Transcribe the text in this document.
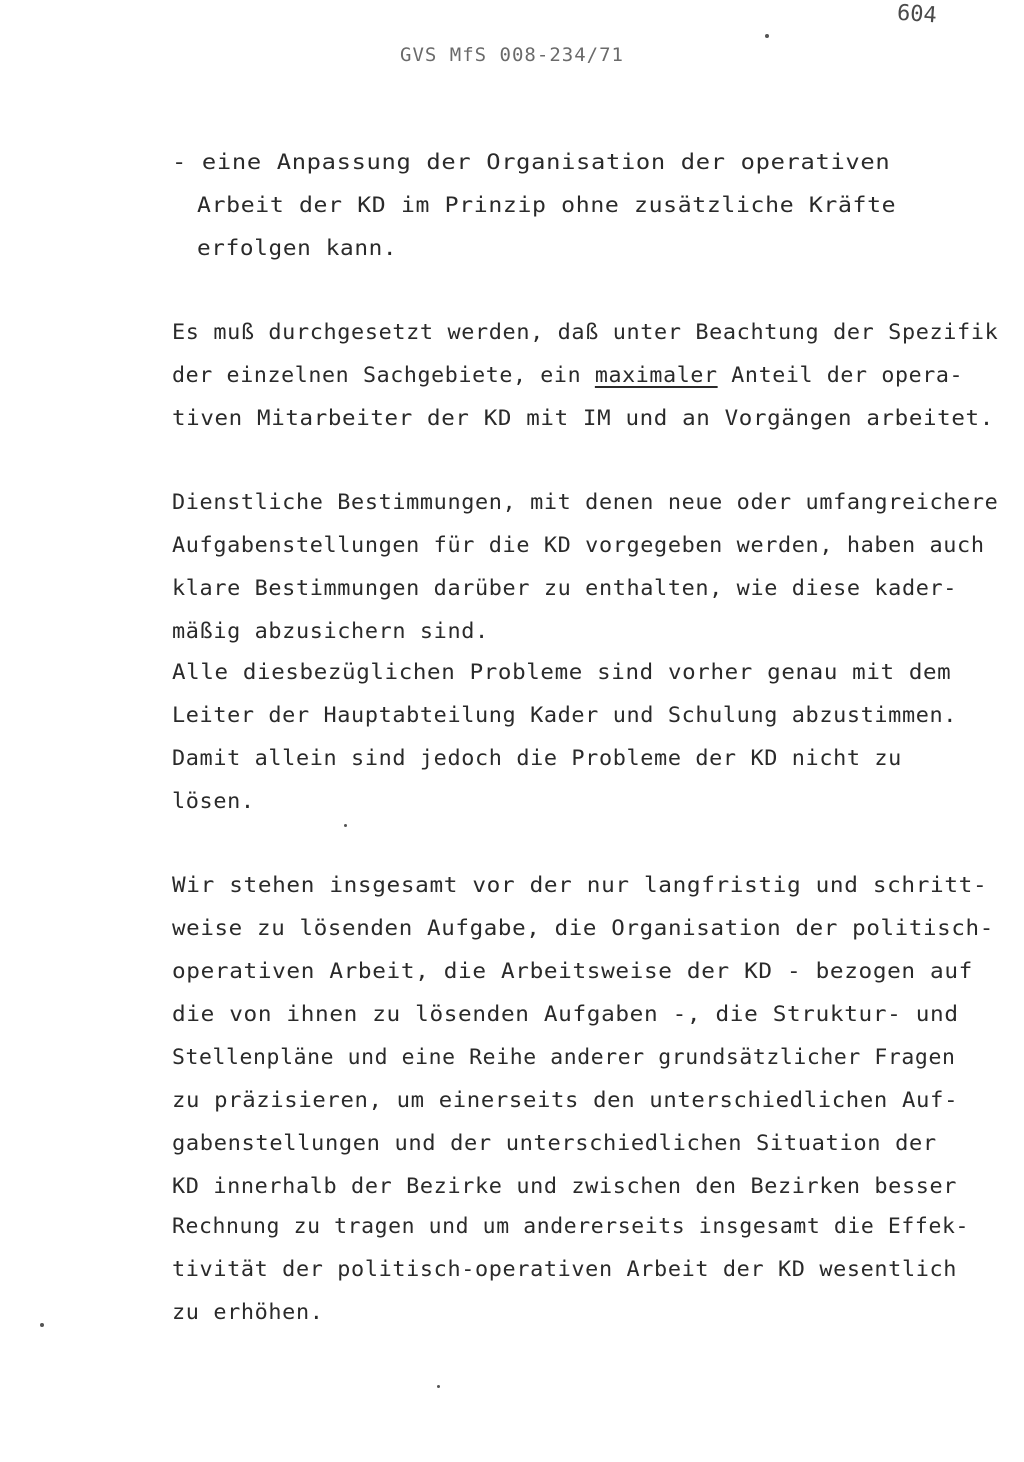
604
GVS MfS 008-234/71
- eine Anpassung der Organisation der operativen
Arbeit der KD im Prinzip ohne zusätzliche Kräfte
erfolgen kann.
Es muß durchgesetzt werden, daß unter Beachtung der Spezifik
der einzelnen Sachgebiete, ein maximaler Anteil der opera-
tiven Mitarbeiter der KD mit IM und an Vorgängen arbeitet.
Dienstliche Bestimmungen, mit denen neue oder umfangreichere
Aufgabenstellungen für die KD vorgegeben werden, haben auch
klare Bestimmungen darüber zu enthalten, wie diese kader-
mäßig abzusichern sind.
Alle diesbezüglichen Probleme sind vorher genau mit dem
Leiter der Hauptabteilung Kader und Schulung abzustimmen.
Damit allein sind jedoch die Probleme der KD nicht zu
lösen.
Wir stehen insgesamt vor der nur langfristig und schritt-
weise zu lösenden Aufgabe, die Organisation der politisch-
operativen Arbeit, die Arbeitsweise der KD - bezogen auf
die von ihnen zu lösenden Aufgaben -, die Struktur- und
Stellenpläne und eine Reihe anderer grundsätzlicher Fragen
zu präzisieren, um einerseits den unterschiedlichen Auf-
gabenstellungen und der unterschiedlichen Situation der
KD innerhalb der Bezirke und zwischen den Bezirken besser
Rechnung zu tragen und um andererseits insgesamt die Effek-
tivität der politisch-operativen Arbeit der KD wesentlich
zu erhöhen.
